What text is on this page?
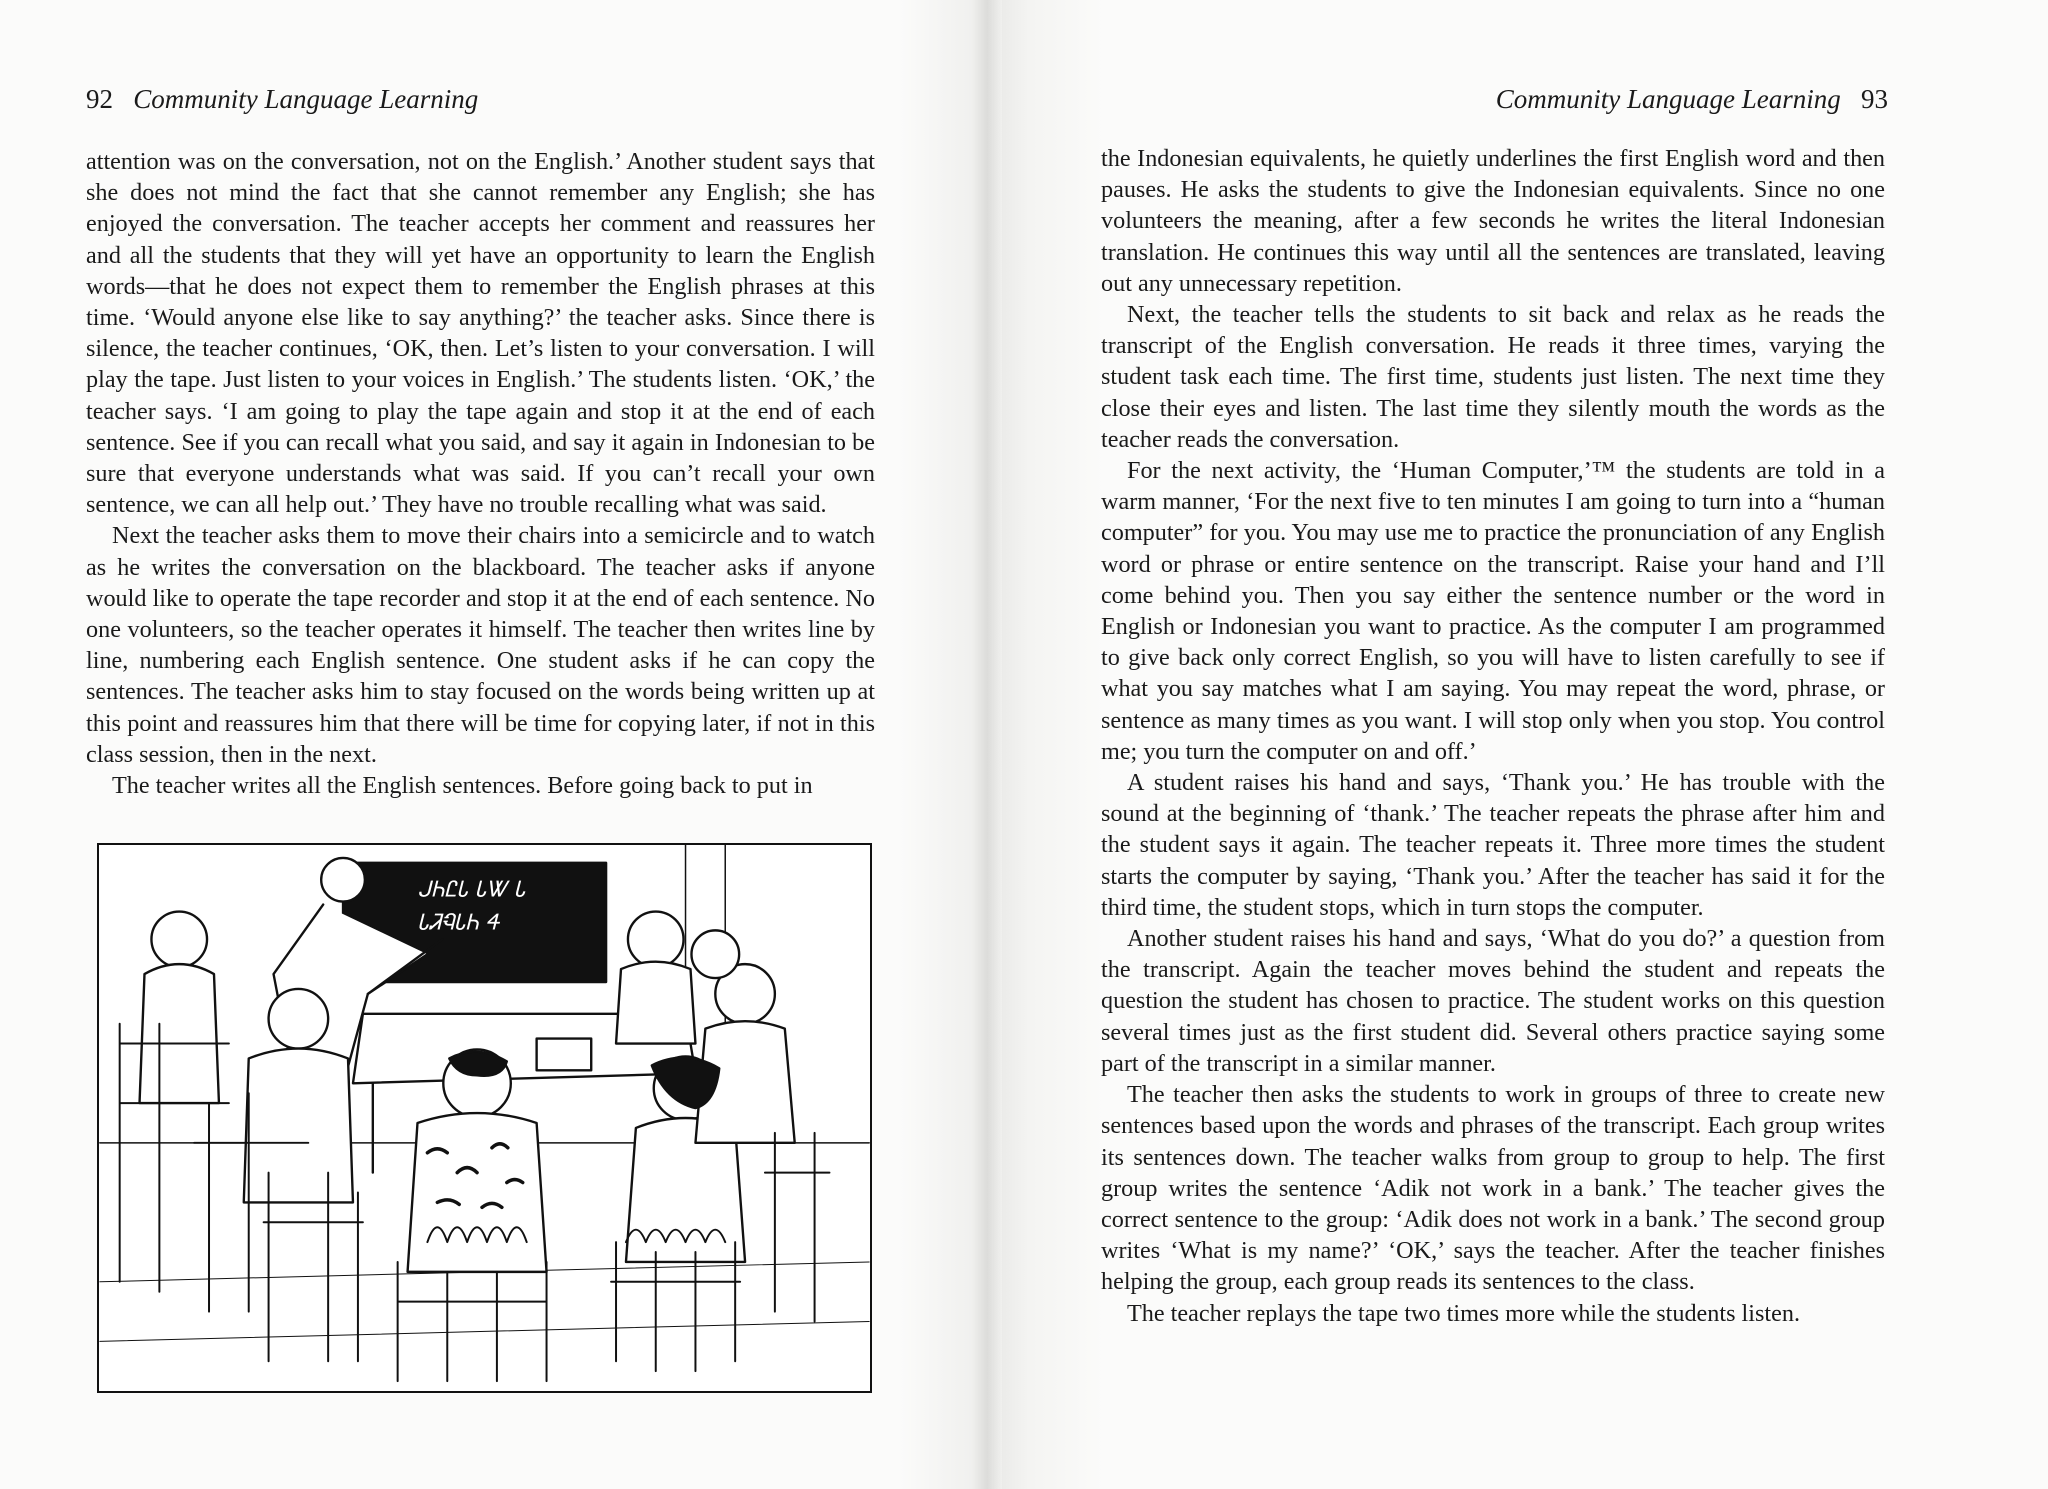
92 Community Language Learning

attention was on the conversation, not on the English.’ Another student says that she does not mind the fact that she cannot remember any English; she has enjoyed the conversation. The teacher accepts her comment and reassures her and all the students that they will yet have an opportunity to learn the English words—that he does not expect them to remember the English phrases at this time. ‘Would anyone else like to say anything?’ the teacher asks. Since there is silence, the teacher continues, ‘OK, then. Let’s listen to your conversation. I will play the tape. Just listen to your voices in English.’ The students listen. ‘OK,’ the teacher says. ‘I am going to play the tape again and stop it at the end of each sentence. See if you can recall what you said, and say it again in Indonesian to be sure that everyone understands what was said. If you can’t recall your own sentence, we can all help out.’ They have no trouble recalling what was said.

Next the teacher asks them to move their chairs into a semicircle and to watch as he writes the conversation on the blackboard. The teacher asks if anyone would like to operate the tape recorder and stop it at the end of each sentence. No one volunteers, so the teacher operates it himself. The teacher then writes line by line, numbering each English sentence. One student asks if he can copy the sentences. The teacher asks him to stay focused on the words being written up at this point and reassures him that there will be time for copying later, if not in this class session, then in the next.

The teacher writes all the English sentences. Before going back to put in

ᒍᏂᏝᏓ ᏓᏔ Ꮣ
ᏓᏘᏄᏓᏂ Ꮞ
Community Language Learning 93

the Indonesian equivalents, he quietly underlines the first English word and then pauses. He asks the students to give the Indonesian equivalents. Since no one volunteers the meaning, after a few seconds he writes the literal Indonesian translation. He continues this way until all the sentences are translated, leaving out any unnecessary repetition.

Next, the teacher tells the students to sit back and relax as he reads the transcript of the English conversation. He reads it three times, varying the student task each time. The first time, students just listen. The next time they close their eyes and listen. The last time they silently mouth the words as the teacher reads the conversation.

For the next activity, the ‘Human Computer,’™ the students are told in a warm manner, ‘For the next five to ten minutes I am going to turn into a “human computer” for you. You may use me to practice the pronunciation of any English word or phrase or entire sentence on the transcript. Raise your hand and I’ll come behind you. Then you say either the sentence number or the word in English or Indonesian you want to practice. As the computer I am programmed to give back only correct English, so you will have to listen carefully to see if what you say matches what I am saying. You may repeat the word, phrase, or sentence as many times as you want. I will stop only when you stop. You control me; you turn the computer on and off.’

A student raises his hand and says, ‘Thank you.’ He has trouble with the sound at the beginning of ‘thank.’ The teacher repeats the phrase after him and the student says it again. The teacher repeats it. Three more times the student starts the computer by saying, ‘Thank you.’ After the teacher has said it for the third time, the student stops, which in turn stops the computer.

Another student raises his hand and says, ‘What do you do?’ a question from the transcript. Again the teacher moves behind the student and repeats the question the student has chosen to practice. The student works on this question several times just as the first student did. Several others practice saying some part of the transcript in a similar manner.

The teacher then asks the students to work in groups of three to create new sentences based upon the words and phrases of the transcript. Each group writes its sentences down. The teacher walks from group to group to help. The first group writes the sentence ‘Adik not work in a bank.’ The teacher gives the correct sentence to the group: ‘Adik does not work in a bank.’ The second group writes ‘What is my name?’ ‘OK,’ says the teacher. After the teacher finishes helping the group, each group reads its sentences to the class.

The teacher replays the tape two times more while the students listen.
